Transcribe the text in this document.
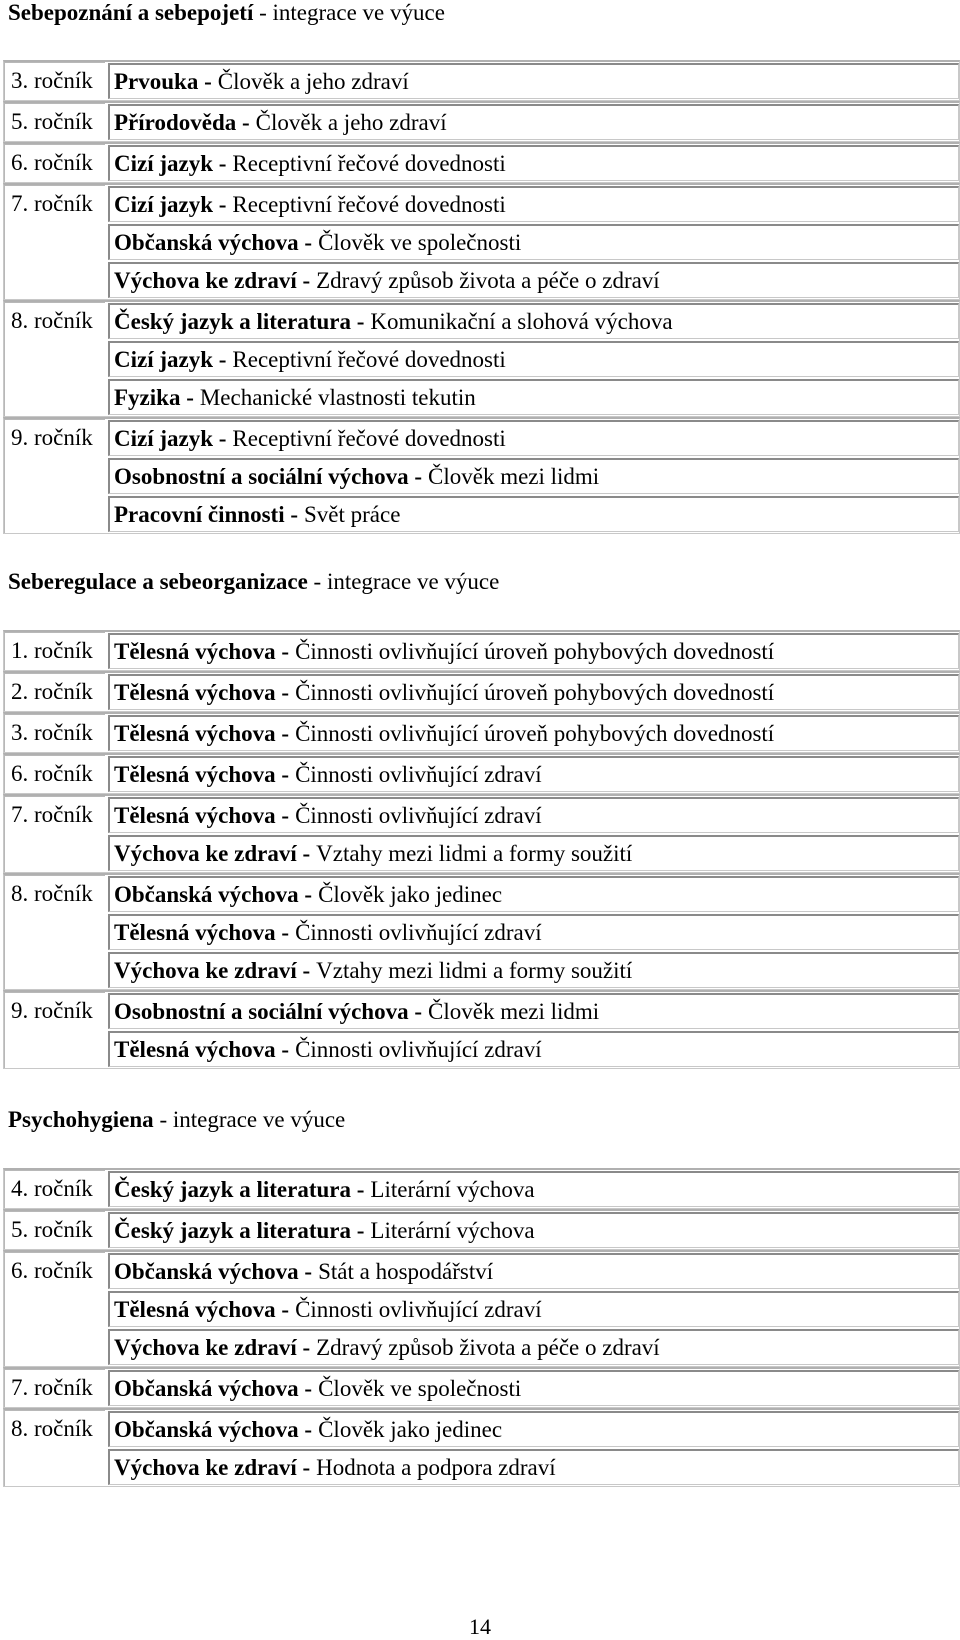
Sebepoznání a sebepojetí - integrace ve výuce
3. ročník Prvouka - Člověk a jeho zdraví
5. ročník Přírodověda - Člověk a jeho zdraví
6. ročník Cizí jazyk - Receptivní řečové dovednosti
7. ročník Cizí jazyk - Receptivní řečové dovednosti
Občanská výchova - Člověk ve společnosti
Výchova ke zdraví - Zdravý způsob života a péče o zdraví
8. ročník Český jazyk a literatura - Komunikační a slohová výchova
Cizí jazyk - Receptivní řečové dovednosti
Fyzika - Mechanické vlastnosti tekutin
9. ročník Cizí jazyk - Receptivní řečové dovednosti
Osobnostní a sociální výchova - Člověk mezi lidmi
Pracovní činnosti - Svět práce
Seberegulace a sebeorganizace - integrace ve výuce
1. ročník Tělesná výchova - Činnosti ovlivňující úroveň pohybových dovedností
2. ročník Tělesná výchova - Činnosti ovlivňující úroveň pohybových dovedností
3. ročník Tělesná výchova - Činnosti ovlivňující úroveň pohybových dovedností
6. ročník Tělesná výchova - Činnosti ovlivňující zdraví
7. ročník Tělesná výchova - Činnosti ovlivňující zdraví
Výchova ke zdraví - Vztahy mezi lidmi a formy soužití
8. ročník Občanská výchova - Člověk jako jedinec
Tělesná výchova - Činnosti ovlivňující zdraví
Výchova ke zdraví - Vztahy mezi lidmi a formy soužití
9. ročník Osobnostní a sociální výchova - Člověk mezi lidmi
Tělesná výchova - Činnosti ovlivňující zdraví
Psychohygiena - integrace ve výuce
4. ročník Český jazyk a literatura - Literární výchova
5. ročník Český jazyk a literatura - Literární výchova
6. ročník Občanská výchova - Stát a hospodářství
Tělesná výchova - Činnosti ovlivňující zdraví
Výchova ke zdraví - Zdravý způsob života a péče o zdraví
7. ročník Občanská výchova - Člověk ve společnosti
8. ročník Občanská výchova - Člověk jako jedinec
Výchova ke zdraví - Hodnota a podpora zdraví
14
